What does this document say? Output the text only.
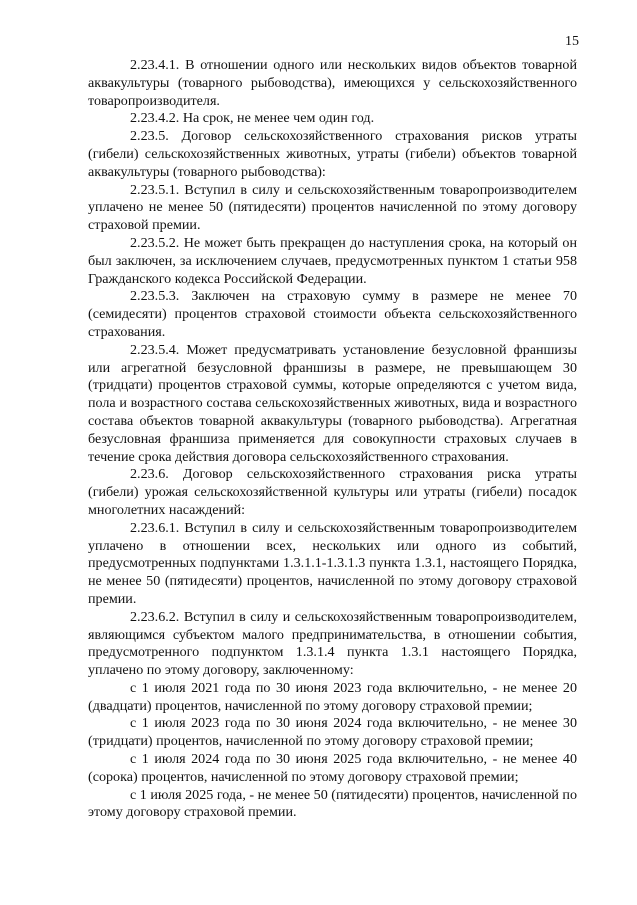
15

2.23.4.1. В отношении одного или нескольких видов объектов товарной аквакультуры (товарного рыбоводства), имеющихся у сельскохозяйственного товаропроизводителя.

2.23.4.2. На срок, не менее чем один год.

2.23.5. Договор сельскохозяйственного страхования рисков утраты (гибели) сельскохозяйственных животных, утраты (гибели) объектов товарной аквакультуры (товарного рыбоводства):

2.23.5.1. Вступил в силу и сельскохозяйственным товаропроизводителем уплачено не менее 50 (пятидесяти) процентов начисленной по этому договору страховой премии.

2.23.5.2. Не может быть прекращен до наступления срока, на который он был заключен, за исключением случаев, предусмотренных пунктом 1 статьи 958 Гражданского кодекса Российской Федерации.

2.23.5.3. Заключен на страховую сумму в размере не менее 70 (семидесяти) процентов страховой стоимости объекта сельскохозяйственного страхования.

2.23.5.4. Может предусматривать установление безусловной франшизы или агрегатной безусловной франшизы в размере, не превышающем 30 (тридцати) процентов страховой суммы, которые определяются с учетом вида, пола и возрастного состава сельскохозяйственных животных, вида и возрастного состава объектов товарной аквакультуры (товарного рыбоводства). Агрегатная безусловная франшиза применяется для совокупности страховых случаев в течение срока действия договора сельскохозяйственного страхования.

2.23.6. Договор сельскохозяйственного страхования риска утраты (гибели) урожая сельскохозяйственной культуры или утраты (гибели) посадок многолетних насаждений:

2.23.6.1. Вступил в силу и сельскохозяйственным товаропроизводителем уплачено в отношении всех, нескольких или одного из событий, предусмотренных подпунктами 1.3.1.1-1.3.1.3 пункта 1.3.1, настоящего Порядка, не менее 50 (пятидесяти) процентов, начисленной по этому договору страховой премии.

2.23.6.2. Вступил в силу и сельскохозяйственным товаропроизводителем, являющимся субъектом малого предпринимательства, в отношении события, предусмотренного подпунктом 1.3.1.4 пункта 1.3.1 настоящего Порядка, уплачено по этому договору, заключенному:

с 1 июля 2021 года по 30 июня 2023 года включительно, - не менее 20 (двадцати) процентов, начисленной по этому договору страховой премии;

с 1 июля 2023 года по 30 июня 2024 года включительно, - не менее 30 (тридцати) процентов, начисленной по этому договору страховой премии;

с 1 июля 2024 года по 30 июня 2025 года включительно, - не менее 40 (сорока) процентов, начисленной по этому договору страховой премии;

с 1 июля 2025 года, - не менее 50 (пятидесяти) процентов, начисленной по этому договору страховой премии.
